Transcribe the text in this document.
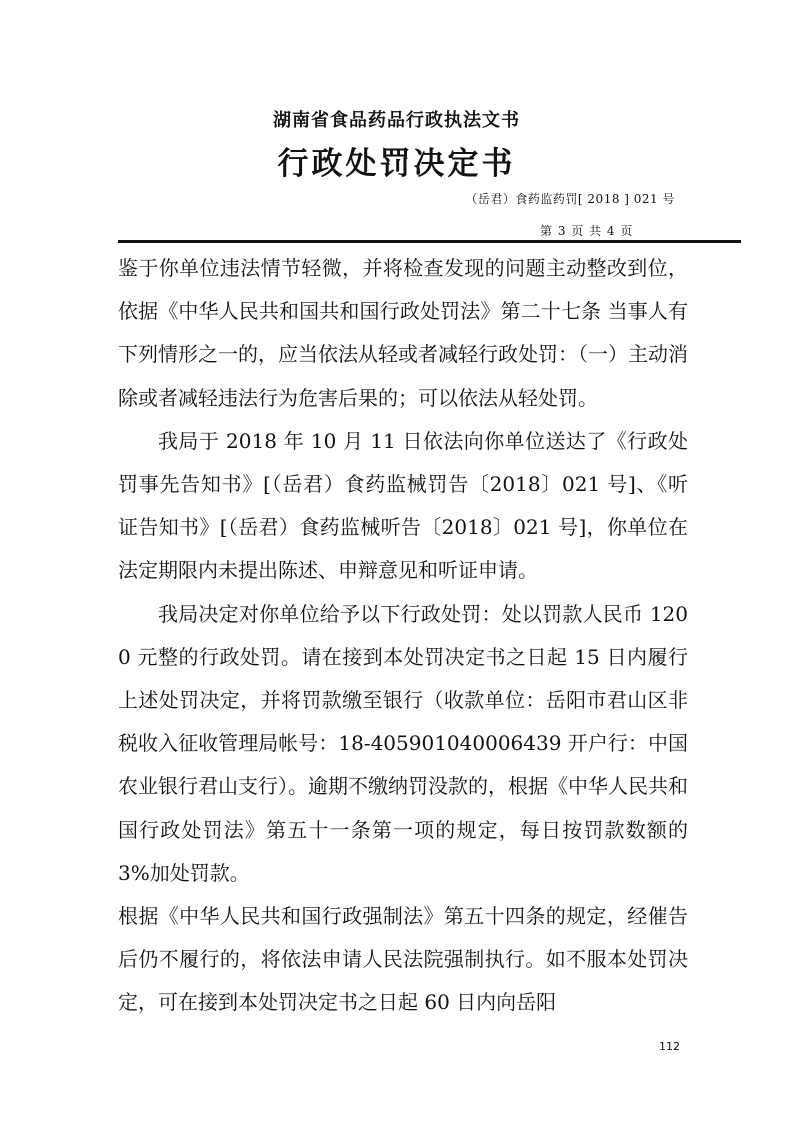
湖南省食品药品行政执法文书
行政处罚决定书
（岳君）食药监药罚[ 2018 ] 021 号
第 3 页 共 4 页

鉴于你单位违法情节轻微，并将检查发现的问题主动整改到位，依据《中华人民共和国共和国行政处罚法》第二十七条 当事人有下列情形之一的，应当依法从轻或者减轻行政处罚：（一）主动消除或者减轻违法行为危害后果的；可以依法从轻处罚。

我局于 2018 年 10 月 11 日依法向你单位送达了《行政处罚事先告知书》[（岳君）食药监械罚告〔2018〕021 号]、《听证告知书》[（岳君）食药监械听告〔2018〕021 号]，你单位在法定期限内未提出陈述、申辩意见和听证申请。

我局决定对你单位给予以下行政处罚：处以罚款人民币 1200 元整的行政处罚。请在接到本处罚决定书之日起 15 日内履行上述处罚决定，并将罚款缴至银行（收款单位：岳阳市君山区非税收入征收管理局帐号：18-405901040006439 开户行：中国农业银行君山支行）。逾期不缴纳罚没款的，根据《中华人民共和国行政处罚法》第五十一条第一项的规定，每日按罚款数额的 3%加处罚款。

根据《中华人民共和国行政强制法》第五十四条的规定，经催告后仍不履行的，将依法申请人民法院强制执行。如不服本处罚决定，可在接到本处罚决定书之日起 60 日内向岳阳

112
